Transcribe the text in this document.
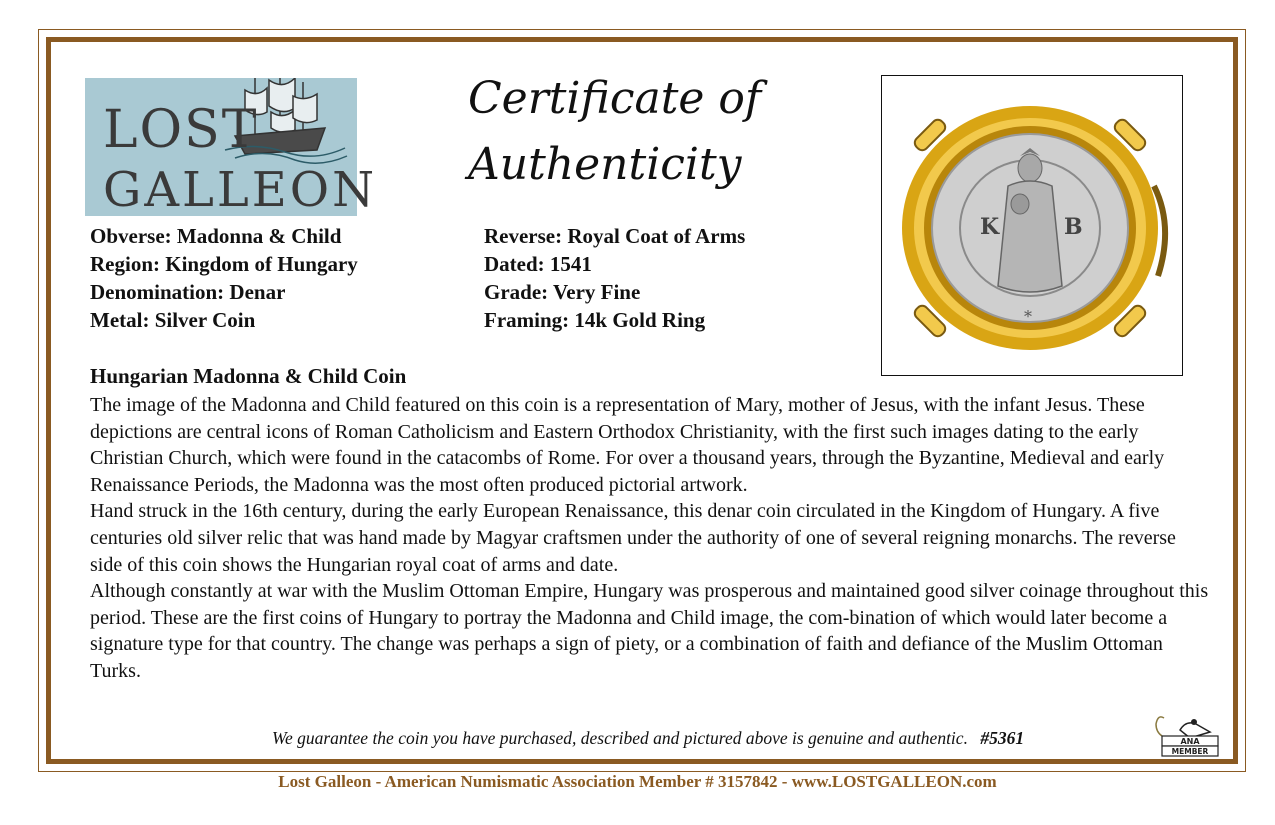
LOST
GALLEON
Certificate of
Authenticity
*
K	B
Obverse: Madonna & Child
Region: Kingdom of Hungary
Denomination: Denar
Metal: Silver Coin
Reverse: Royal Coat of Arms
Dated: 1541
Grade: Very Fine
Framing: 14k Gold Ring
Hungarian Madonna & Child Coin

The image of the Madonna and Child featured on this coin is a representation of Mary, mother of Jesus, with the infant Jesus. These depictions are central icons of Roman Catholicism and Eastern Orthodox Christianity, with the first such images dating to the early Christian Church, which were found in the catacombs of Rome. For over a thousand years, through the Byzantine, Medieval and early Renaissance Periods, the Madonna was the most often produced pictorial artwork.

Hand struck in the 16th century, during the early European Renaissance, this denar coin circulated in the Kingdom of Hungary. A five centuries old silver relic that was hand made by Magyar craftsmen under the authority of one of several reigning monarchs. The reverse side of this coin shows the Hungarian royal coat of arms and date.

Although constantly at war with the Muslim Ottoman Empire, Hungary was prosperous and maintained good silver coinage throughout this period. These are the first coins of Hungary to portray the Madonna and Child image, the com-bination of which would later become a signature type for that country. The change was perhaps a sign of piety, or a combination of faith and defiance of the Muslim Ottoman Turks.

We guarantee the coin you have purchased, described and pictured above is genuine and authentic. #5361	ANA
MEMBER
Lost Galleon - American Numismatic Association Member # 3157842 - www.LOSTGALLEON.com
